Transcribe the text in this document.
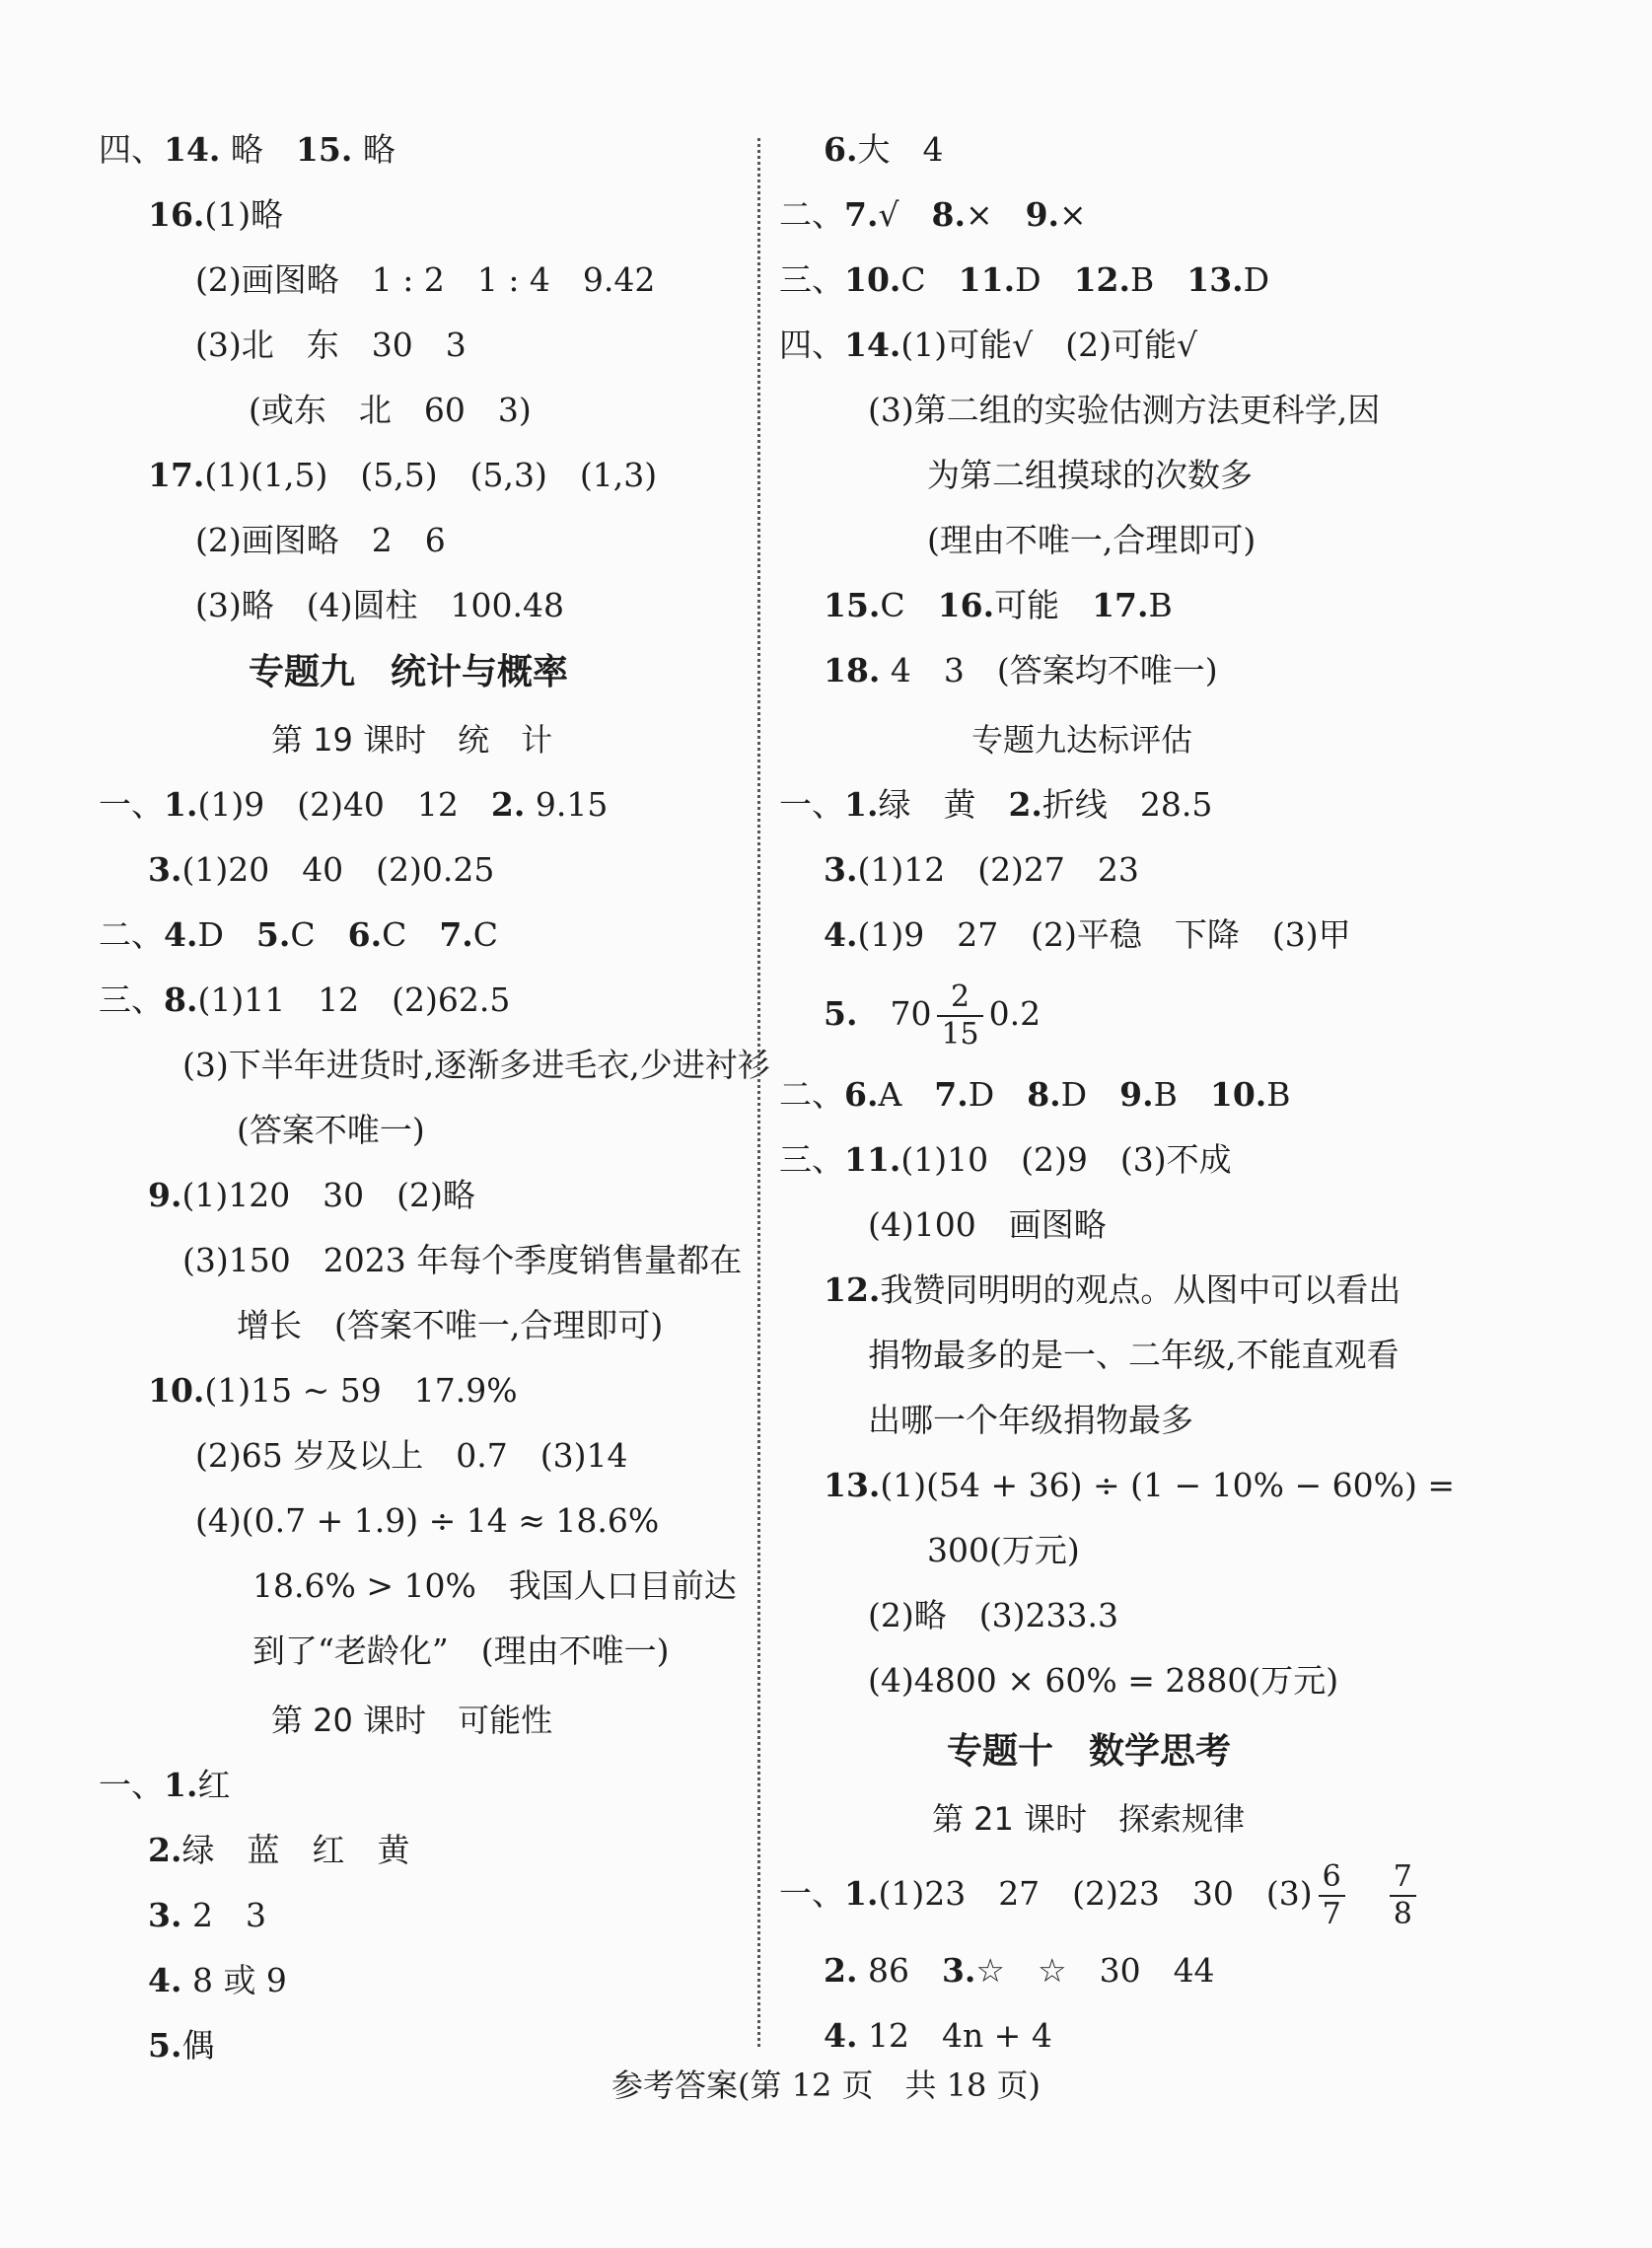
四、14. 略　 15. 略
16.(1)略
(2)画图略　1 : 2　1 : 4　9.42
(3)北　东　30　3
(或东　北　60　3)
17.(1)(1,5)　(5,5)　(5,3)　(1,3)
(2)画图略　2　6
(3)略　(4)圆柱　100.48
专题九　统计与概率
第 19 课时　统　计
一、1.(1)9　(2)40　12　 2. 9.15
3.(1)20　40　(2)0.25
二、4.D　 5.C　 6.C　 7.C
三、8.(1)11　12　(2)62.5
(3)下半年进货时,逐渐多进毛衣,少进衬衫
(答案不唯一)
9.(1)120　30　(2)略
(3)150　2023 年每个季度销售量都在
增长　(答案不唯一,合理即可)
10.(1)15 ~ 59　17.9%
(2)65 岁及以上　0.7　(3)14
(4)(0.7 + 1.9) ÷ 14 ≈ 18.6%
18.6% > 10%　我国人口目前达
到了“老龄化”　(理由不唯一)
第 20 课时　可能性
一、1.红
2.绿　蓝　红　黄
3. 2　3
4. 8 或 9
5.偶
6.大　4
二、7.√　 8.×　 9.×
三、10.C　 11.D　 12.B　 13.D
四、14.(1)可能√　(2)可能√
(3)第二组的实验估测方法更科学,因
为第二组摸球的次数多
(理由不唯一,合理即可)
15.C　 16.可能　 17.B
18. 4　3　(答案均不唯一)
专题九达标评估
一、1.绿　黄　 2.折线　28.5
3.(1)12　(2)27　23
4.(1)9　27　(2)平稳　下降　(3)甲
5.　 $70 \frac{2}{15} 0.2$
二、6.A　 7.D　 8.D　 9.B　 10.B
三、11.(1)10　(2)9　(3)不成
(4)100　画图略
12.我赞同明明的观点。从图中可以看出
捐物最多的是一、二年级,不能直观看
出哪一个年级捐物最多
13.(1)(54 + 36) ÷ (1 − 10% − 60%) =
300(万元)
(2)略　(3)233.3
(4)4800 × 60% = 2880(万元)
专题十　数学思考
第 21 课时　探索规律
一、1.(1)23　27　(2)23　30　$(3) \frac{6}{7}$
　 $\frac{7}{8}$
2. 86　 3.☆　☆　30　44
4. 12　4n + 4
参考答案(第 12 页　共 18 页)
